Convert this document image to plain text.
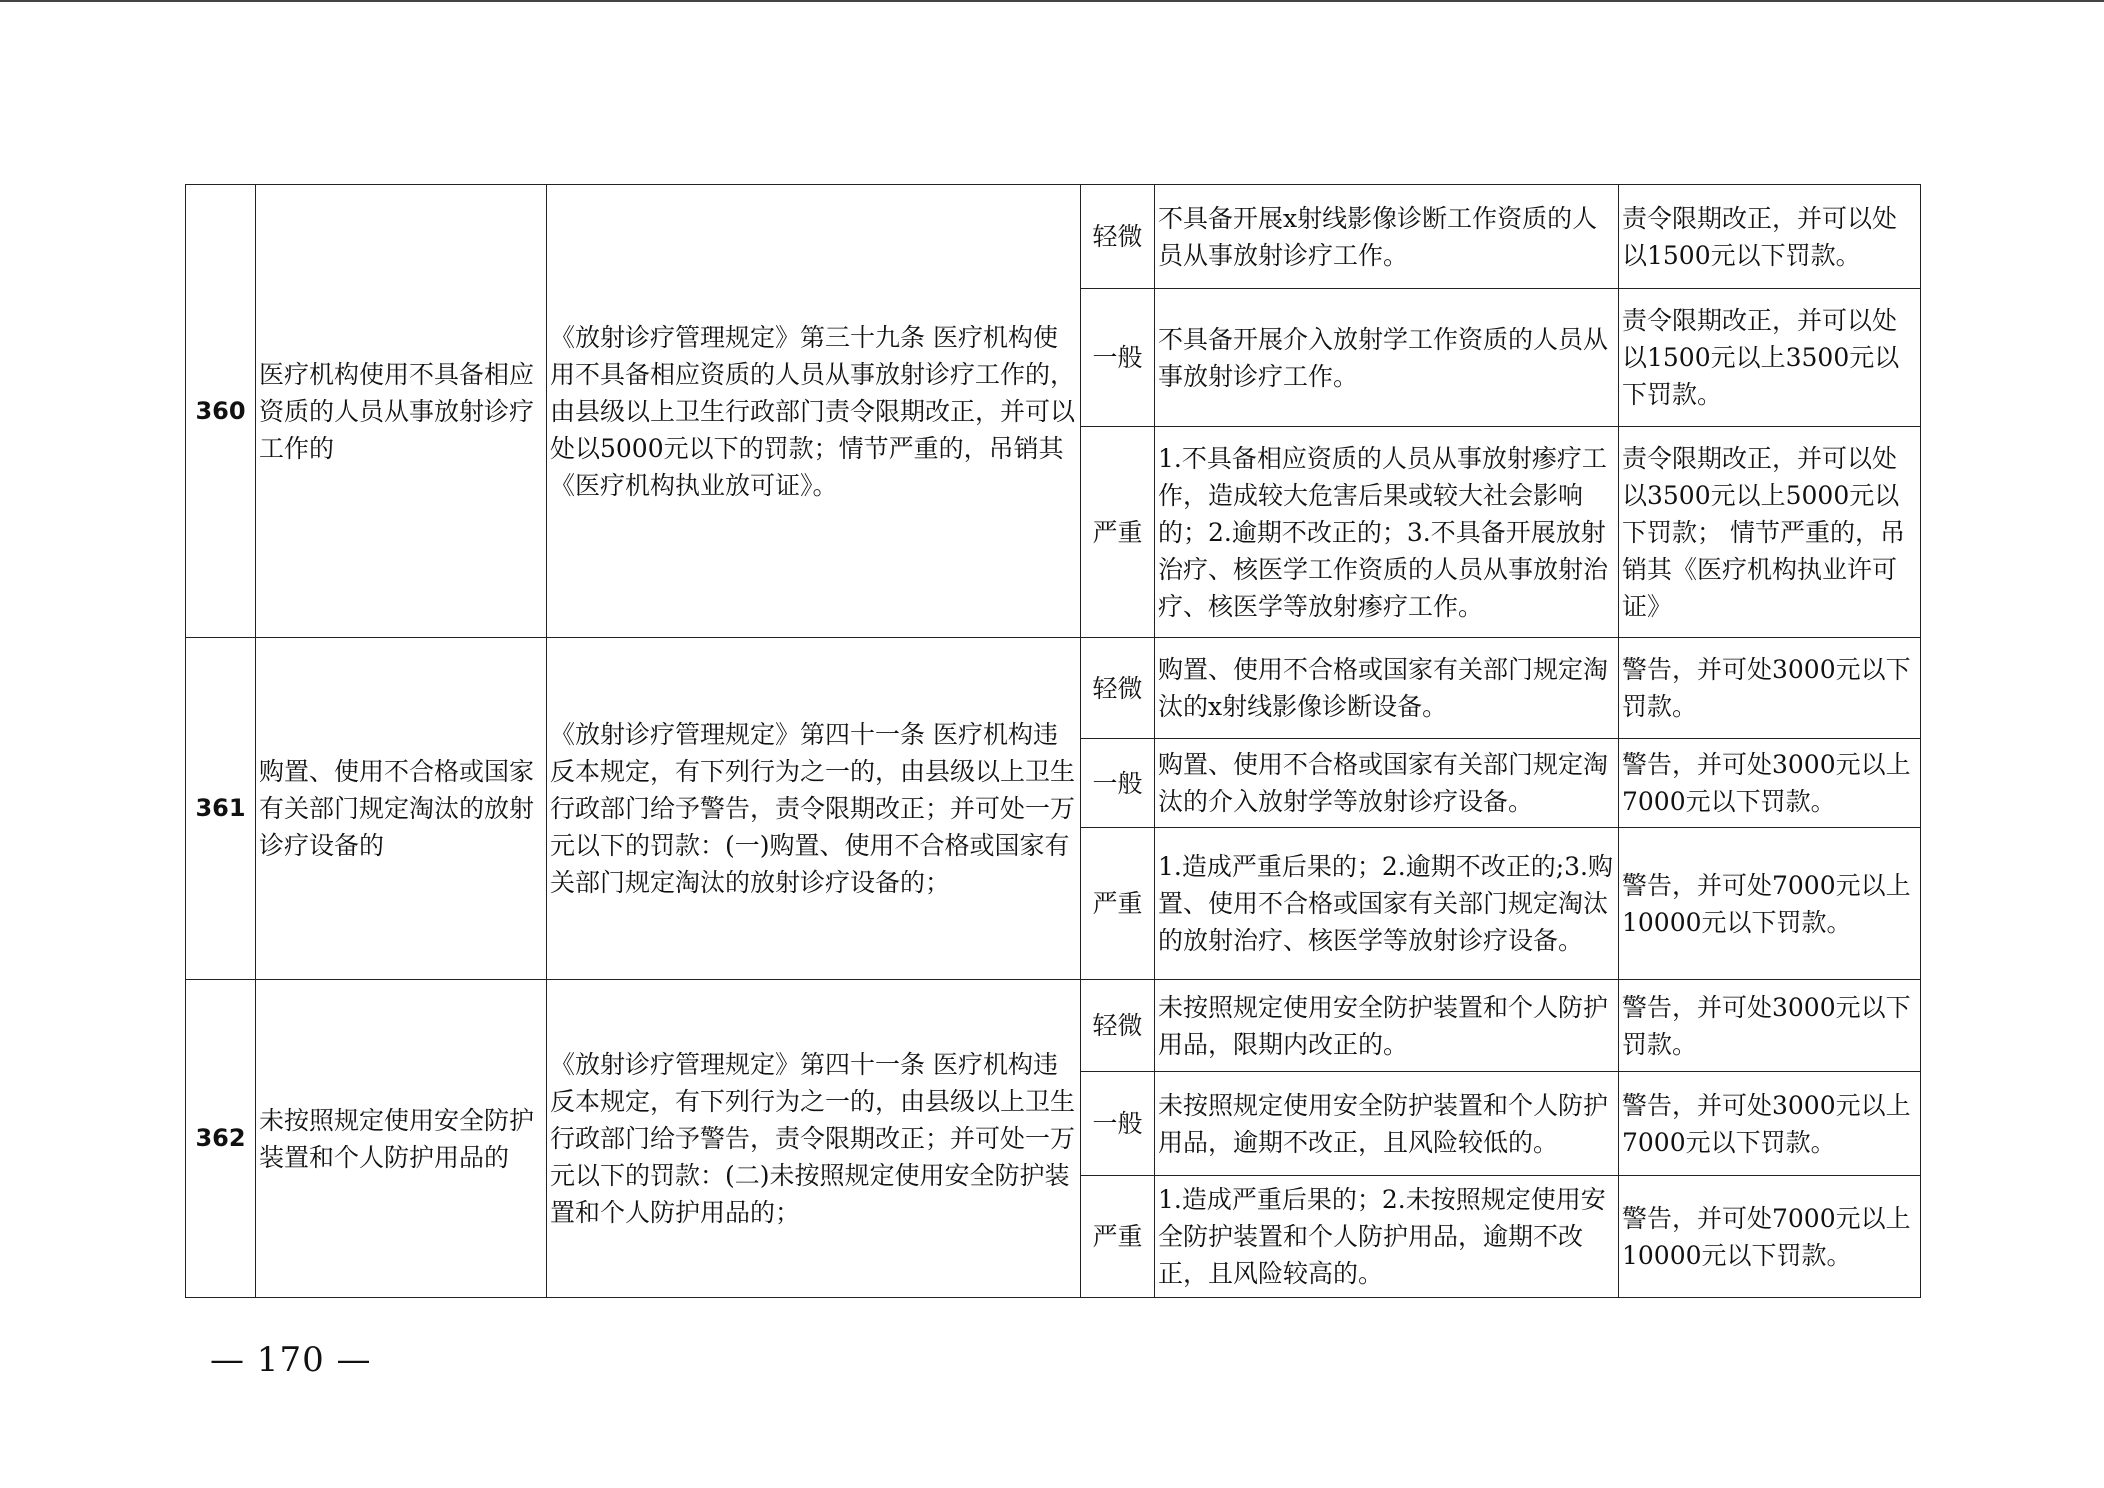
360	医疗机构使用不具备相应资质的人员从事放射诊疗工作的	《放射诊疗管理规定》第三十九条 医疗机构使用不具备相应资质的人员从事放射诊疗工作的，由县级以上卫生行政部门责令限期改正，并可以处以5000元以下的罚款；情节严重的，吊销其《医疗机构执业放可证》。	轻微	不具备开展x射线影像诊断工作资质的人员从事放射诊疗工作。	责令限期改正，并可以处以1500元以下罚款。
			一般	不具备开展介入放射学工作资质的人员从事放射诊疗工作。	责令限期改正，并可以处以1500元以上3500元以下罚款。
			严重	1.不具备相应资质的人员从事放射瘆疗工作，造成较大危害后果或较大社会影响的；2.逾期不改正的；3.不具备开展放射治疗、核医学工作资质的人员从事放射治疗、核医学等放射瘆疗工作。	责令限期改正，并可以处以3500元以上5000元以下罚款； 情节严重的，吊销其《医疗机构执业许可证》
361	购置、使用不合格或国家有关部门规定淘汰的放射诊疗设备的	《放射诊疗管理规定》第四十一条 医疗机构违反本规定，有下列行为之一的，由县级以上卫生行政部门给予警告，责令限期改正；并可处一万元以下的罚款：(一)购置、使用不合格或国家有关部门规定淘汰的放射诊疗设备的；	轻微	购置、使用不合格或国家有关部门规定淘汰的x射线影像诊断设备。	警告，并可处3000元以下罚款。
			一般	购置、使用不合格或国家有关部门规定淘汰的介入放射学等放射诊疗设备。	警告，并可处3000元以上7000元以下罚款。
			严重	1.造成严重后果的；2.逾期不改正的;3.购置、使用不合格或国家有关部门规定淘汰的放射治疗、核医学等放射诊疗设备。	警告，并可处7000元以上10000元以下罚款。
362	未按照规定使用安全防护装置和个人防护用品的	《放射诊疗管理规定》第四十一条 医疗机构违反本规定，有下列行为之一的，由县级以上卫生行政部门给予警告，责令限期改正；并可处一万元以下的罚款：(二)未按照规定使用安全防护装置和个人防护用品的；	轻微	未按照规定使用安全防护装置和个人防护用品，限期内改正的。	警告，并可处3000元以下罚款。
			一般	未按照规定使用安全防护装置和个人防护用品，逾期不改正，且风险较低的。	警告，并可处3000元以上7000元以下罚款。
			严重	1.造成严重后果的；2.未按照规定使用安全防护装置和个人防护用品，逾期不改正，且风险较高的。	警告，并可处7000元以上10000元以下罚款。
— 170 —
